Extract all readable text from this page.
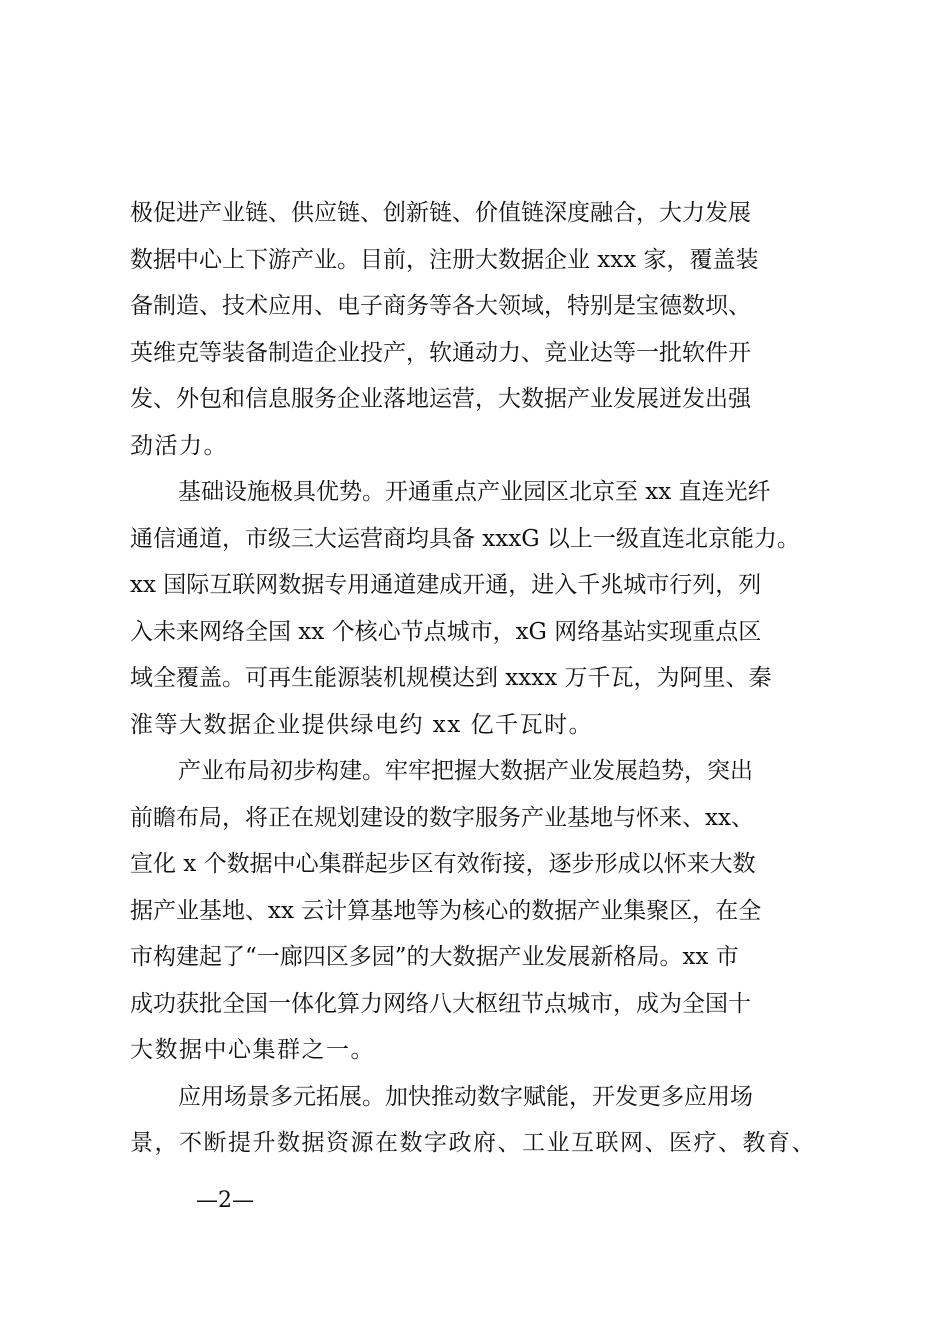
极促进产业链、供应链、创新链、价值链深度融合，大力发展
数据中心上下游产业。目前，注册大数据企业 xxx 家，覆盖装
备制造、技术应用、电子商务等各大领域，特别是宝德数坝、
英维克等装备制造企业投产，软通动力、竞业达等一批软件开
发、外包和信息服务企业落地运营，大数据产业发展迸发出强
劲活力。
基础设施极具优势。开通重点产业园区北京至 xx 直连光纤
通信通道，市级三大运营商均具备 xxxG 以上一级直连北京能力。
xx 国际互联网数据专用通道建成开通，进入千兆城市行列，列
入未来网络全国 xx 个核心节点城市，xG 网络基站实现重点区
域全覆盖。可再生能源装机规模达到 xxxx 万千瓦，为阿里、秦
淮等大数据企业提供绿电约 xx 亿千瓦时。
产业布局初步构建。牢牢把握大数据产业发展趋势，突出
前瞻布局，将正在规划建设的数字服务产业基地与怀来、xx、
宣化 x 个数据中心集群起步区有效衔接，逐步形成以怀来大数
据产业基地、xx 云计算基地等为核心的数据产业集聚区，在全
市构建起了“一廊四区多园”的大数据产业发展新格局。xx 市
成功获批全国一体化算力网络八大枢纽节点城市，成为全国十
大数据中心集群之一。
应用场景多元拓展。加快推动数字赋能，开发更多应用场
景，不断提升数据资源在数字政府、工业互联网、医疗、教育、
—2—
